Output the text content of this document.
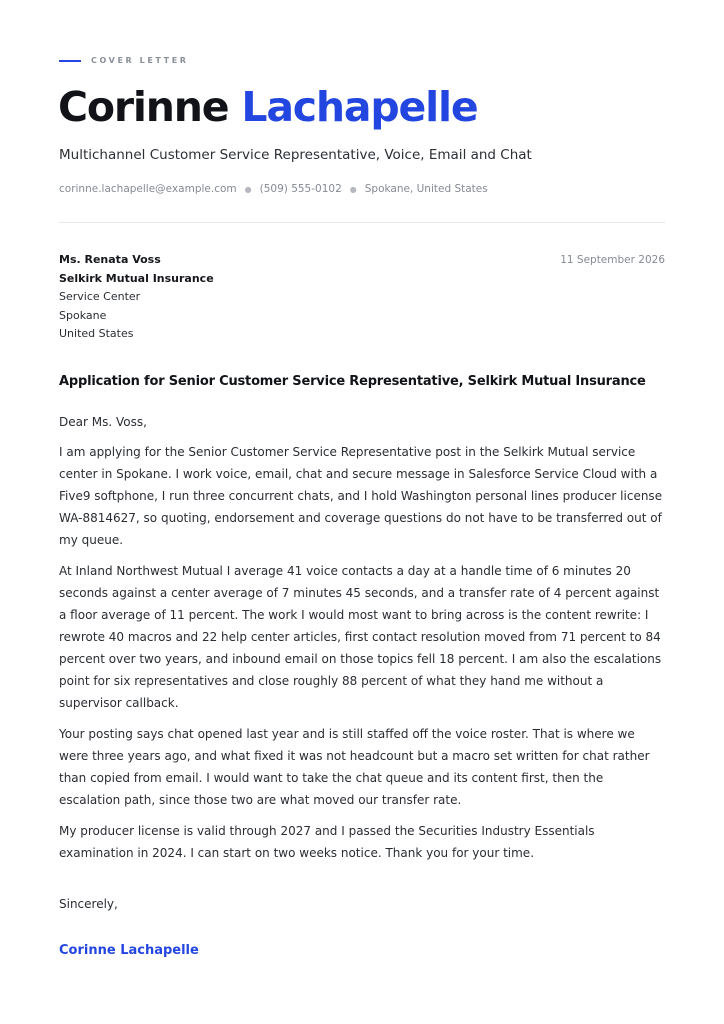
COVER LETTER
Corinne Lachapelle
Multichannel Customer Service Representative, Voice, Email and Chat
corinne.lachapelle@example.com ● (509) 555-0102 ● Spokane, United States
Ms. Renata Voss
Selkirk Mutual Insurance
Service Center
Spokane
United States
11 September 2026
Application for Senior Customer Service Representative, Selkirk Mutual Insurance

Dear Ms. Voss,

I am applying for the Senior Customer Service Representative post in the Selkirk Mutual service center in Spokane. I work voice, email, chat and secure message in Salesforce Service Cloud with a Five9 softphone, I run three concurrent chats, and I hold Washington personal lines producer license WA-8814627, so quoting, endorsement and coverage questions do not have to be transferred out of my queue.

At Inland Northwest Mutual I average 41 voice contacts a day at a handle time of 6 minutes 20 seconds against a center average of 7 minutes 45 seconds, and a transfer rate of 4 percent against a floor average of 11 percent. The work I would most want to bring across is the content rewrite: I rewrote 40 macros and 22 help center articles, first contact resolution moved from 71 percent to 84 percent over two years, and inbound email on those topics fell 18 percent. I am also the escalations point for six representatives and close roughly 88 percent of what they hand me without a supervisor callback.

Your posting says chat opened last year and is still staffed off the voice roster. That is where we were three years ago, and what fixed it was not headcount but a macro set written for chat rather than copied from email. I would want to take the chat queue and its content first, then the escalation path, since those two are what moved our transfer rate.

My producer license is valid through 2027 and I passed the Securities Industry Essentials examination in 2024. I can start on two weeks notice. Thank you for your time.

Sincerely,
Corinne Lachapelle
